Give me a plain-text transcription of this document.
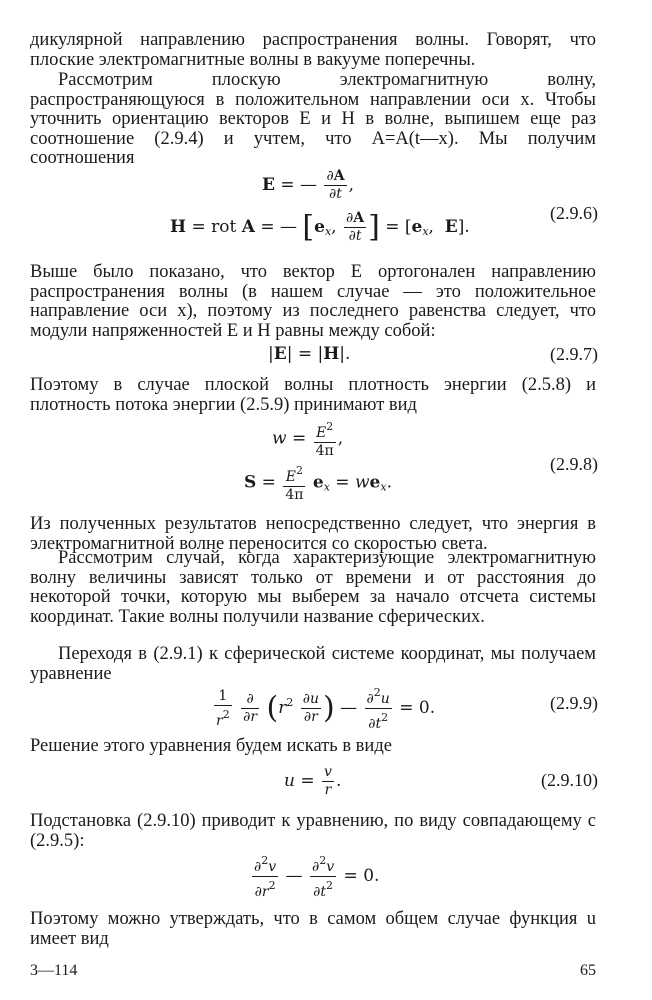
дикулярной направлению распространения волны. Говорят, что плоские электромагнитные волны в вакууме поперечны.
Рассмотрим плоскую электромагнитную волну, распространяющуюся в положительном направлении оси x. Чтобы уточнить ориентацию векторов E и H в волне, выпишем еще раз соотношение (2.9.4) и учтем, что A=A(t—x). Мы получим соотношения
E = — $\frac{\partial A}{\partial t}$ ,
H = rot A = — [$e_x$, $\frac{\partial A}{\partial t}$ ] = [$e_x$,  E].
(2.9.6)
Выше было показано, что вектор E ортогонален направлению распространения волны (в нашем случае — это положительное направление оси x), поэтому из последнего равенства следует, что модули напряженностей E и H равны между собой:
|E| = |H|.	(2.9.7)
Поэтому в случае плоской волны плотность энергии (2.5.8) и плотность потока энергии (2.5.9) принимают вид
$w = \frac{E^2}{4\pi}$ ,
$S = \frac{E^2}{4\pi} e_x = we_x$.
(2.9.8)
Из полученных результатов непосредственно следует, что энергия в электромагнитной волне переносится со скоростью света.
Рассмотрим случай, когда характеризующие электромагнитную волну величины зависят только от времени и от расстояния до некоторой точки, которую мы выберем за начало отсчета системы координат. Такие волны получили название сферических.
Переходя в (2.9.1) к сферической системе координат, мы получаем уравнение
$\frac{1}{r^2}$
$\frac{\partial}{\partial r} (r^2 \frac{\partial u}{\partial r}$ ) — $\frac{\partial^2u}{\partial t^2} = 0$.	(2.9.9)
Решение этого уравнения будем искать в виде
$u = \frac{v}{r}$ .	(2.9.10)
Подстановка (2.9.10) приводит к уравнению, по виду совпадающему с (2.9.5):
$\frac{\partial^2v}{\partial r^2}$ — $\frac{\partial^2v}{\partial t^2} = 0$.
Поэтому можно утверждать, что в самом общем случае функция u имеет вид
3—114	65
